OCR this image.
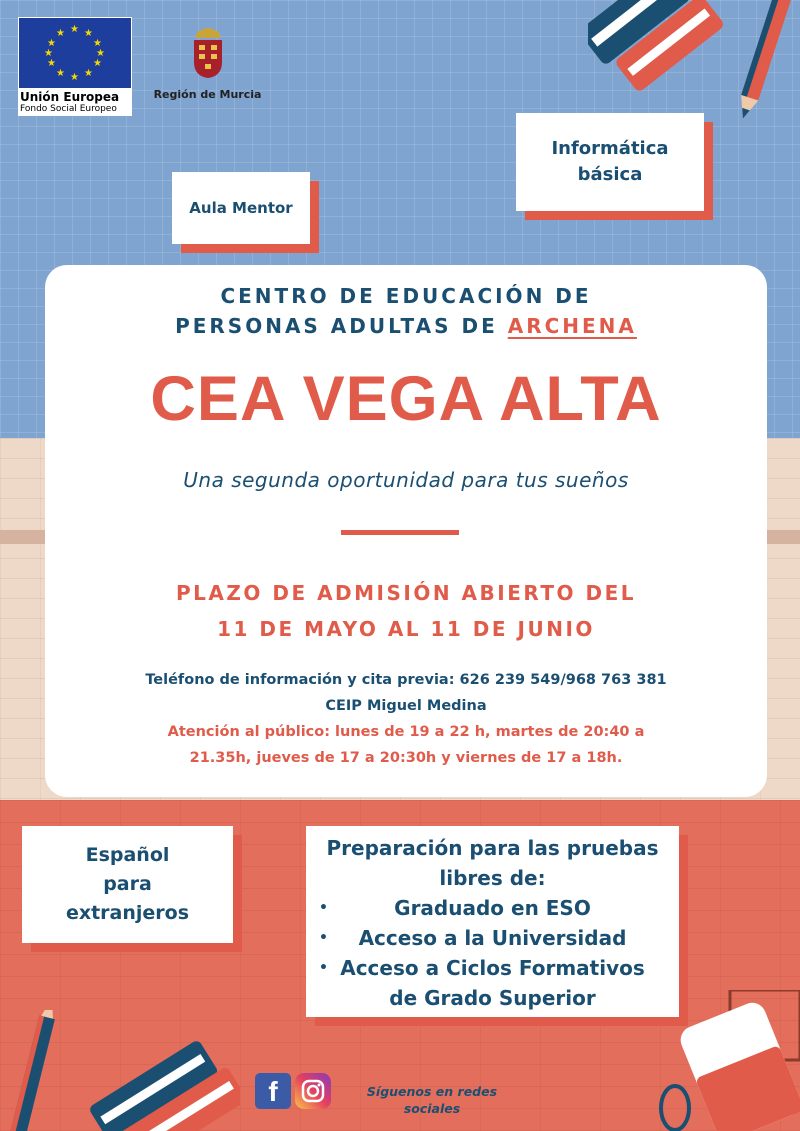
★ ★
★
★
★
★
★
★
★
★
★
★
Unión Europea
Fondo Social Europeo
Región de Murcia
Informática
básica
Aula Mentor
CENTRO DE EDUCACIÓN DE
PERSONAS ADULTAS DE ARCHENA
CEA VEGA ALTA
Una segunda oportunidad para tus sueños
PLAZO DE ADMISIÓN ABIERTO DEL
11 DE MAYO AL 11 DE JUNIO
Teléfono de información y cita previa: 626 239 549/968 763 381
CEIP Miguel Medina
Atención al público: lunes de 19 a 22 h, martes de 20:40 a
21.35h, jueves de 17 a 20:30h y viernes de 17 a 18h.
Español
para
extranjeros
Preparación para las pruebas
libres de:
•	Graduado en ESO
• Acceso a la Universidad
• Acceso a Ciclos Formativos
de Grado Superior
f	Síguenos en redes
sociales
